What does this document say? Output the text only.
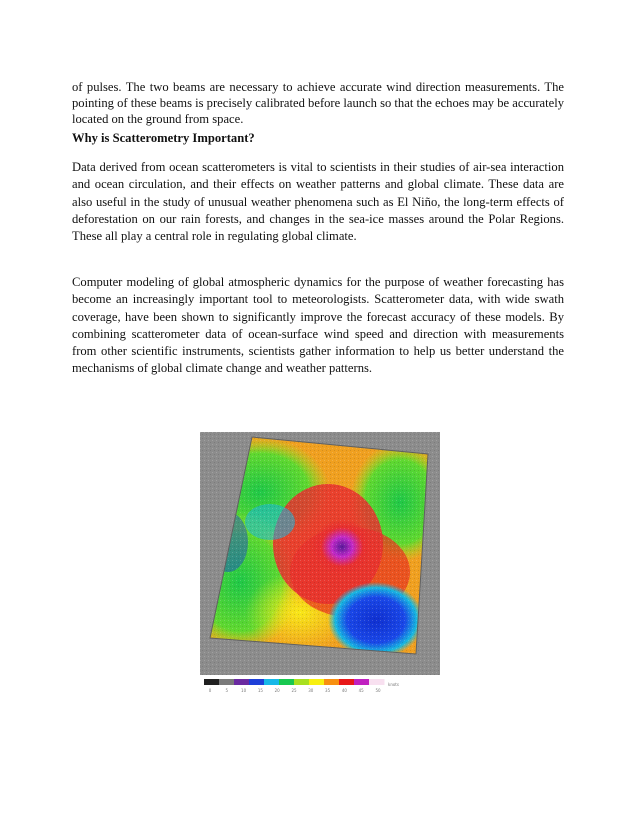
of pulses. The two beams are necessary to achieve accurate wind direction measurements. The pointing of these beams is precisely calibrated before launch so that the echoes may be accurately located on the ground from space.

Why is Scatterometry Important?

Data derived from ocean scatterometers is vital to scientists in their studies of air-sea interaction and ocean circulation, and their effects on weather patterns and global climate. These data are also useful in the study of unusual weather phenomena such as El Niño, the long-term effects of deforestation on our rain forests, and changes in the sea-ice masses around the Polar Regions. These all play a central role in regulating global climate.

Computer modeling of global atmospheric dynamics for the purpose of weather forecasting has become an increasingly important tool to meteorologists. Scatterometer data, with wide swath coverage, have been shown to significantly improve the forecast accuracy of these models. By combining scatterometer data of ocean-surface wind speed and direction with measurements from other scientific instruments, scientists gather information to help us better understand the mechanisms of global climate change and weather patterns.

0	5	10	15	20	25	30	35	40	45	50
knots
